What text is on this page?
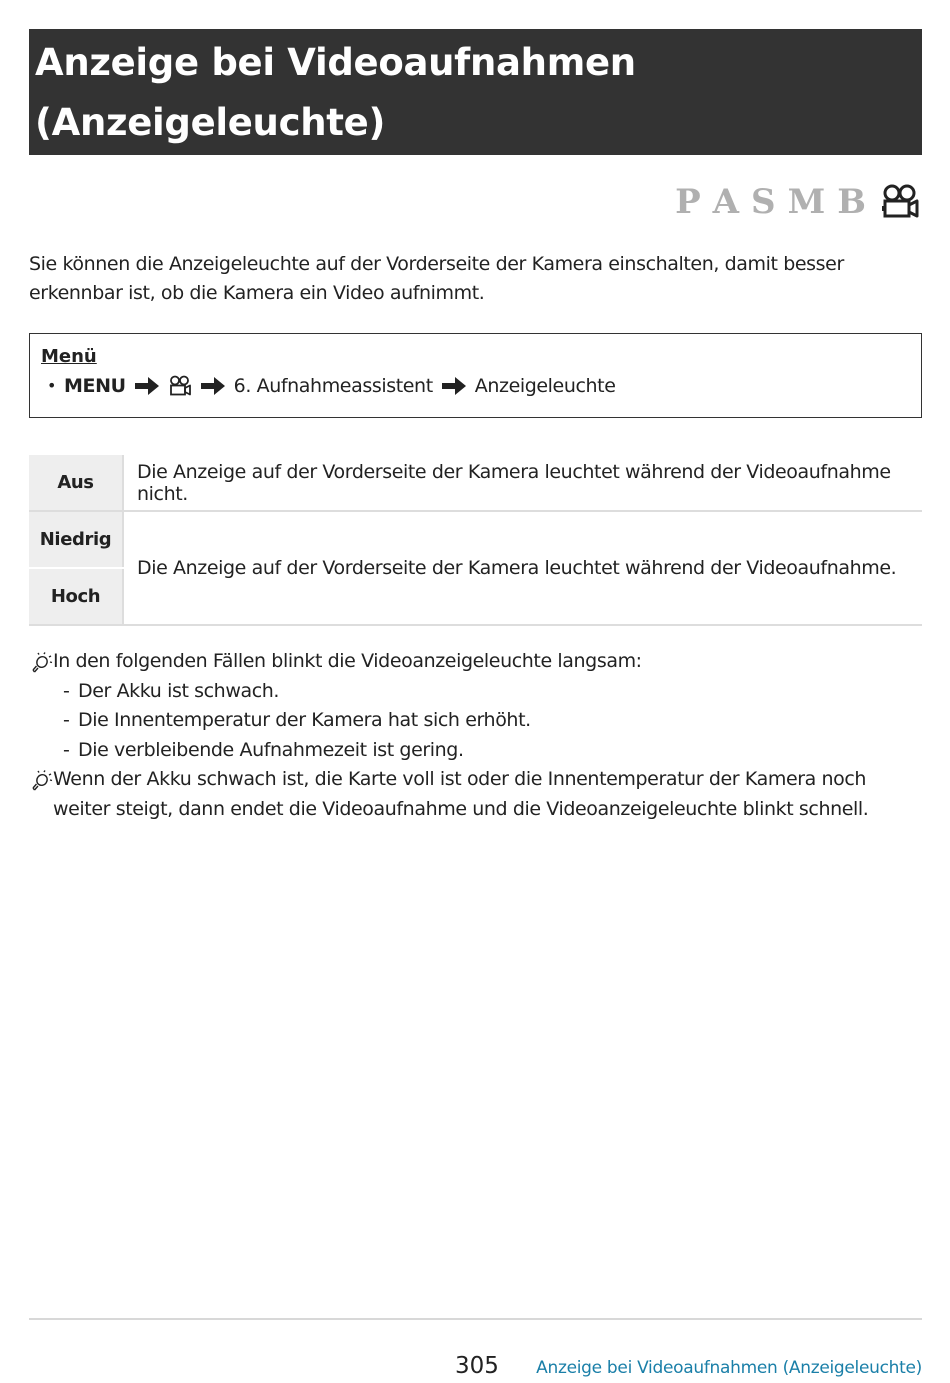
Anzeige bei Videoaufnahmen
(Anzeigeleuchte)
P A S M B
Sie können die Anzeigeleuchte auf der Vorderseite der Kamera einschalten, damit besser erkennbar ist, ob die Kamera ein Video aufnimmt.
Menü
• MENU	6. Aufnahmeassistent Anzeigeleuchte
Aus	Die Anzeige auf der Vorderseite der Kamera leuchtet während der Videoaufnahme nicht.
Niedrig	Die Anzeige auf der Vorderseite der Kamera leuchtet während der Videoaufnahme.
Hoch	
In den folgenden Fällen blinkt die Videoanzeigeleuchte langsam:
- Der Akku ist schwach.
- Die Innentemperatur der Kamera hat sich erhöht.
- Die verbleibende Aufnahmezeit ist gering.
Wenn der Akku schwach ist, die Karte voll ist oder die Innentemperatur der Kamera noch weiter steigt, dann endet die Videoaufnahme und die Videoanzeigeleuchte blinkt schnell.
305 Anzeige bei Videoaufnahmen (Anzeigeleuchte)
